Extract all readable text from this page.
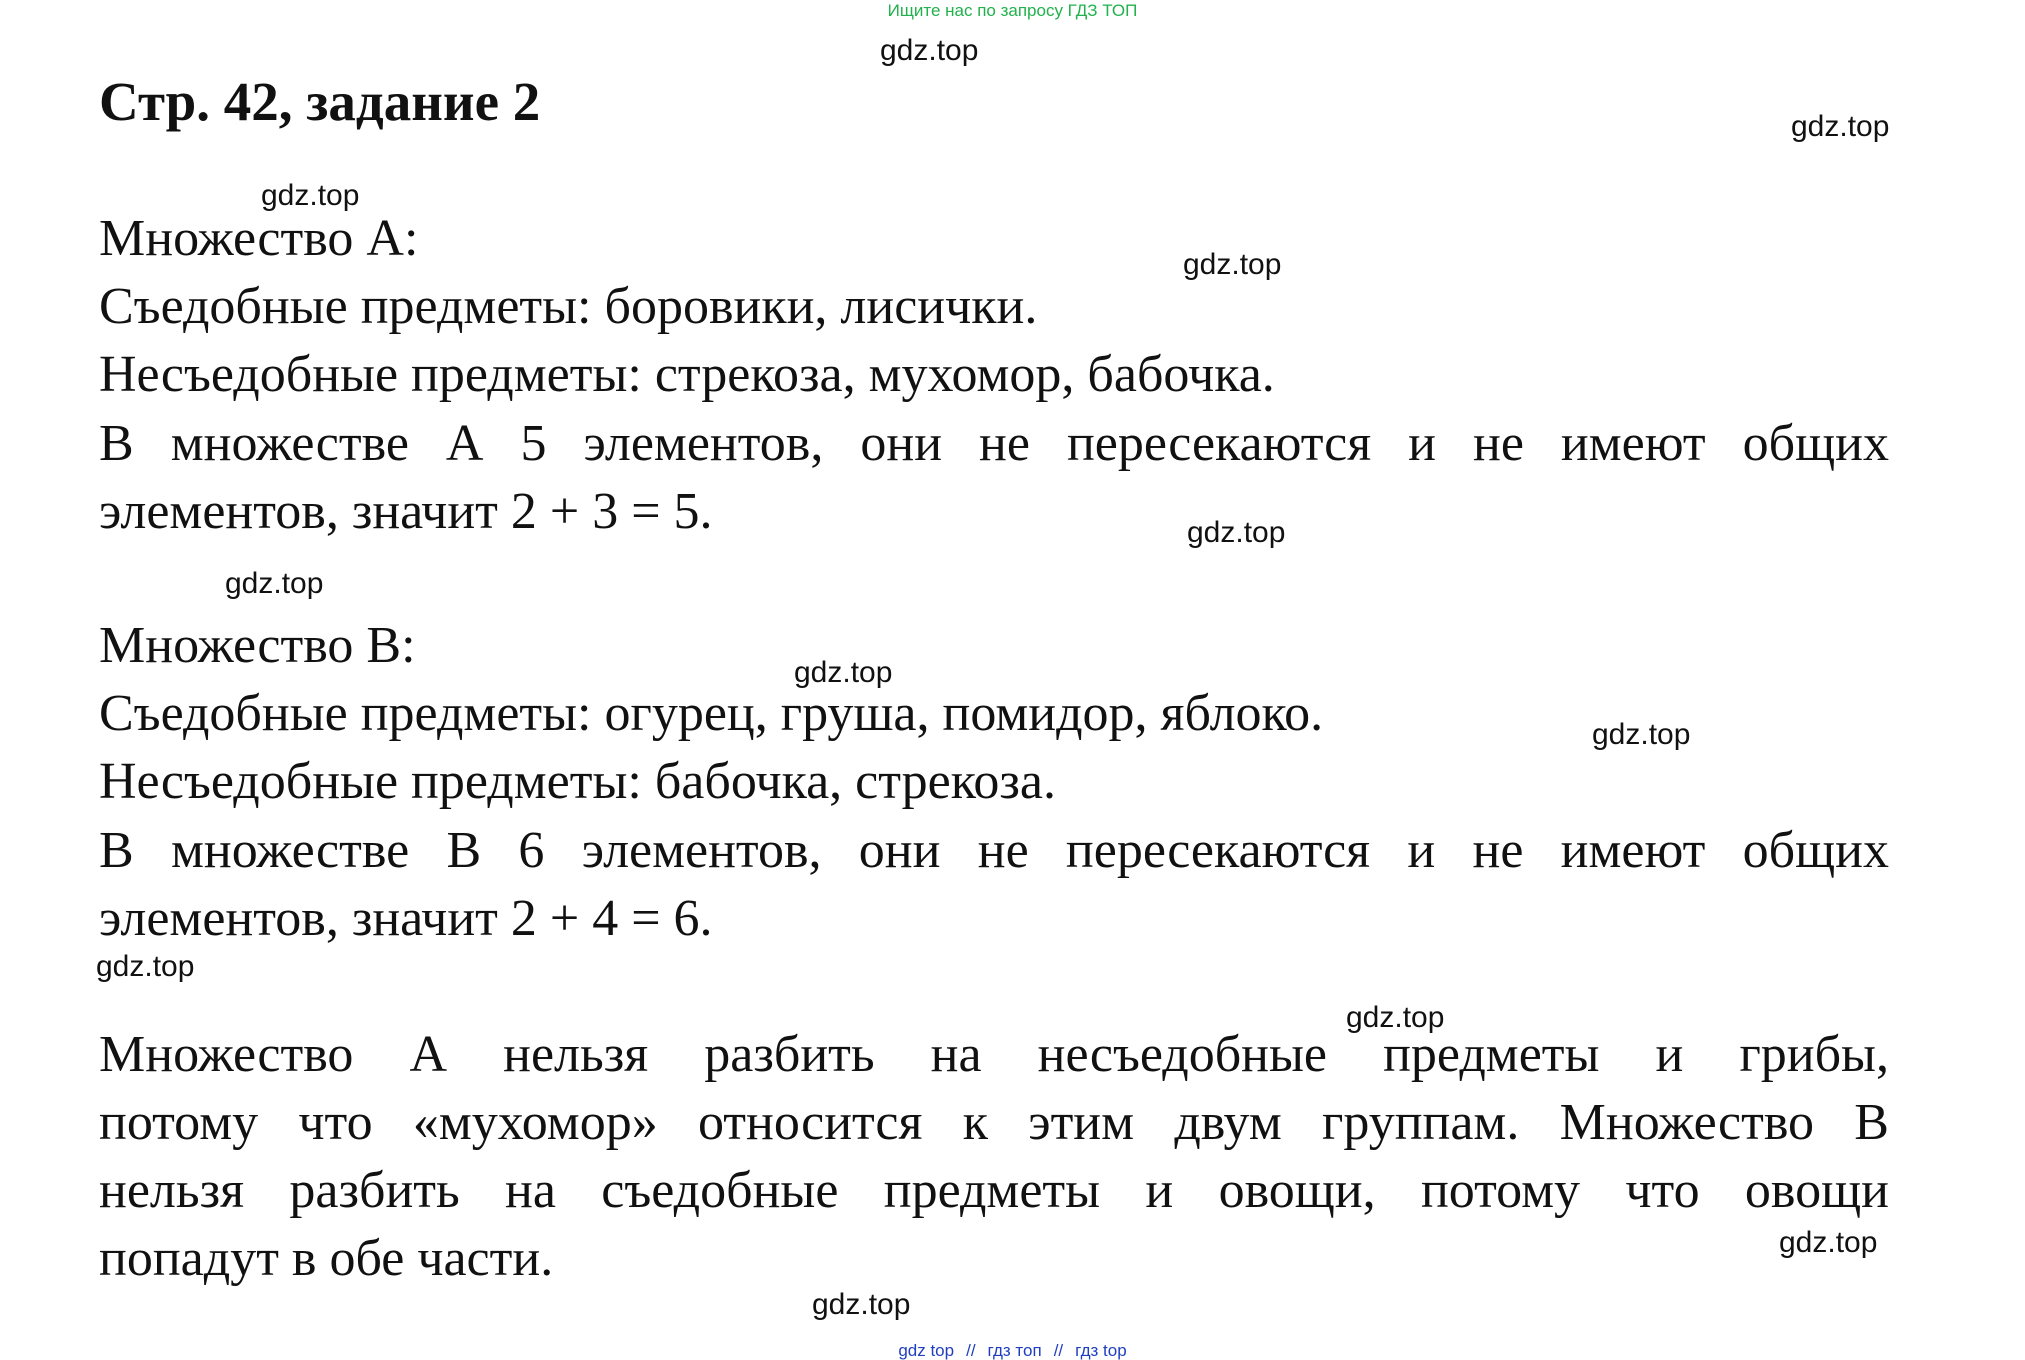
Ищите нас по запросу ГДЗ ТОП
Стр. 42, задание 2

Множество А:

Съедобные предметы: боровики, лисички.

Несъедобные предметы: стрекоза, мухомор, бабочка.

В множестве А 5 элементов, они не пересекаются и не имеют общих
элементов, значит 2 + 3 = 5.

Множество В:

Съедобные предметы: огурец, груша, помидор, яблоко.

Несъедобные предметы: бабочка, стрекоза.

В множестве В 6 элементов, они не пересекаются и не имеют общих
элементов, значит 2 + 4 = 6.
Множество А нельзя разбить на несъедобные предметы и грибы,
потому что «мухомор» относится к этим двум группам. Множество В
нельзя разбить на съедобные предметы и овощи, потому что овощи
попадут в обе части.
gdz.top
gdz.top
gdz.top
gdz.top
gdz.top
gdz.top
gdz.top
gdz.top
gdz.top
gdz.top
gdz.top
gdz.top
gdz top // гдз топ // гдз top
